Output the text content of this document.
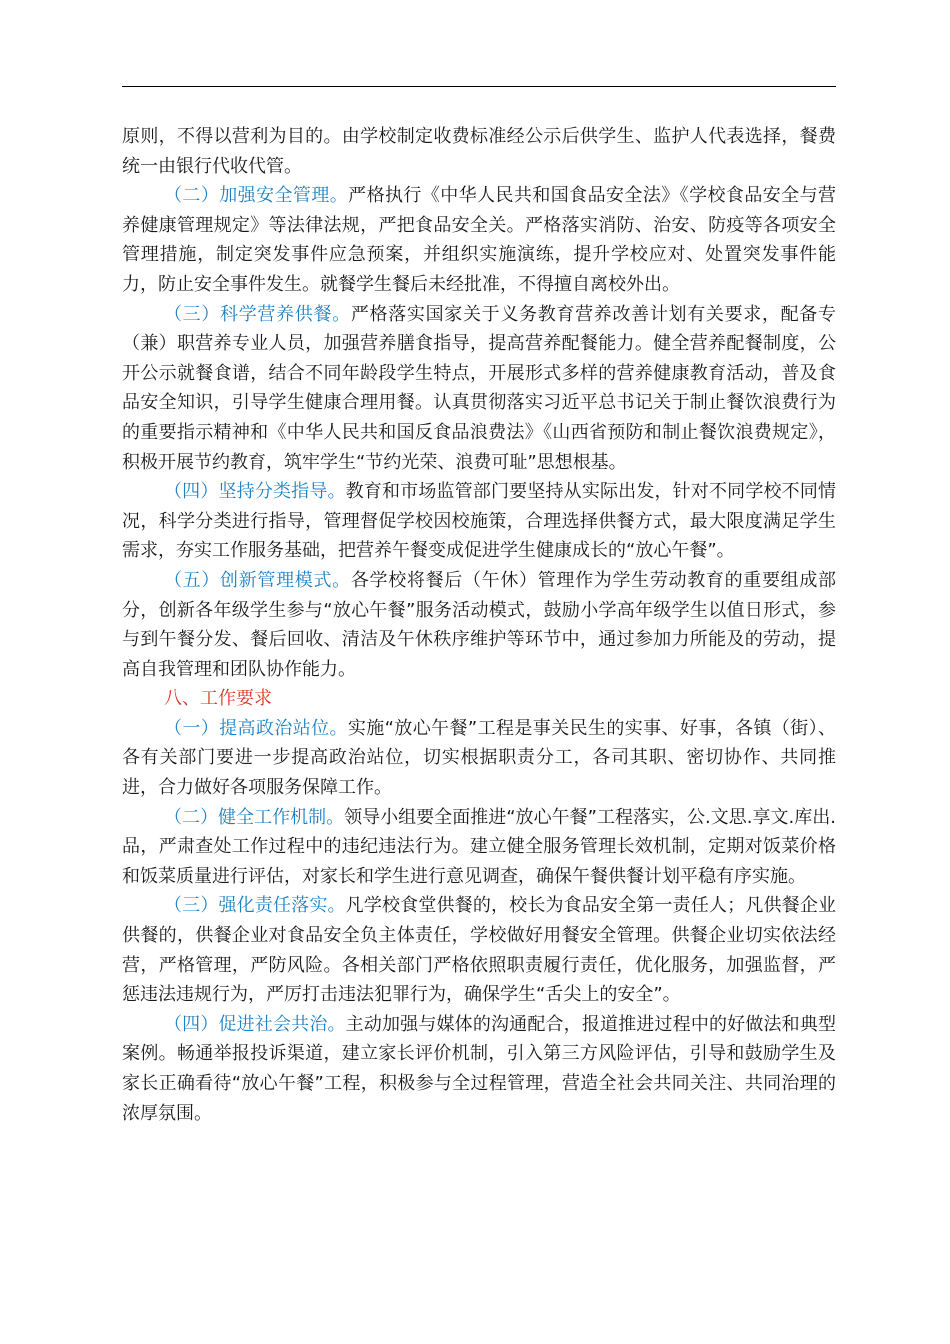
原则，不得以营利为目的。由学校制定收费标准经公示后供学生、监护人代表选择，餐费统一由银行代收代管。

（二）加强安全管理。严格执行《中华人民共和国食品安全法》《学校食品安全与营养健康管理规定》等法律法规，严把食品安全关。严格落实消防、治安、防疫等各项安全管理措施，制定突发事件应急预案，并组织实施演练，提升学校应对、处置突发事件能力，防止安全事件发生。就餐学生餐后未经批准，不得擅自离校外出。

（三）科学营养供餐。严格落实国家关于义务教育营养改善计划有关要求，配备专（兼）职营养专业人员，加强营养膳食指导，提高营养配餐能力。健全营养配餐制度，公开公示就餐食谱，结合不同年龄段学生特点，开展形式多样的营养健康教育活动，普及食品安全知识，引导学生健康合理用餐。认真贯彻落实习近平总书记关于制止餐饮浪费行为的重要指示精神和《中华人民共和国反食品浪费法》《山西省预防和制止餐饮浪费规定》，积极开展节约教育，筑牢学生“节约光荣、浪费可耻”思想根基。

（四）坚持分类指导。教育和市场监管部门要坚持从实际出发，针对不同学校不同情况，科学分类进行指导，管理督促学校因校施策，合理选择供餐方式，最大限度满足学生需求，夯实工作服务基础，把营养午餐变成促进学生健康成长的“放心午餐”。

（五）创新管理模式。各学校将餐后（午休）管理作为学生劳动教育的重要组成部分，创新各年级学生参与“放心午餐”服务活动模式，鼓励小学高年级学生以值日形式，参与到午餐分发、餐后回收、清洁及午休秩序维护等环节中，通过参加力所能及的劳动，提高自我管理和团队协作能力。

八、工作要求

（一）提高政治站位。实施“放心午餐”工程是事关民生的实事、好事，各镇（街）、各有关部门要进一步提高政治站位，切实根据职责分工，各司其职、密切协作、共同推进，合力做好各项服务保障工作。

（二）健全工作机制。领导小组要全面推进“放心午餐”工程落实，公.文思.享文.库出.品，严肃查处工作过程中的违纪违法行为。建立健全服务管理长效机制，定期对饭菜价格和饭菜质量进行评估，对家长和学生进行意见调查，确保午餐供餐计划平稳有序实施。

（三）强化责任落实。凡学校食堂供餐的，校长为食品安全第一责任人；凡供餐企业供餐的，供餐企业对食品安全负主体责任，学校做好用餐安全管理。供餐企业切实依法经营，严格管理，严防风险。各相关部门严格依照职责履行责任，优化服务，加强监督，严惩违法违规行为，严厉打击违法犯罪行为，确保学生“舌尖上的安全”。

（四）促进社会共治。主动加强与媒体的沟通配合，报道推进过程中的好做法和典型案例。畅通举报投诉渠道，建立家长评价机制，引入第三方风险评估，引导和鼓励学生及家长正确看待“放心午餐”工程，积极参与全过程管理，营造全社会共同关注、共同治理的浓厚氛围。
